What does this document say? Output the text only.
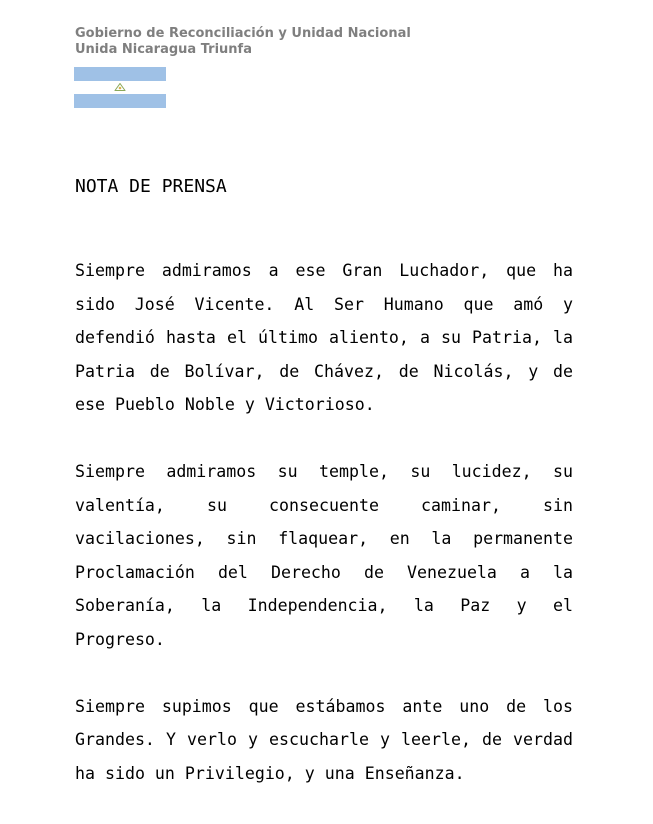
Gobierno de Reconciliación y Unidad Nacional
Unida Nicaragua Triunfa
NOTA DE PRENSA

Siempre admiramos a ese Gran Luchador, que ha sido José Vicente. Al Ser Humano que amó y defendió hasta el último aliento, a su Patria, la Patria de Bolívar, de Chávez, de Nicolás, y de ese Pueblo Noble y Victorioso.

Siempre admiramos su temple, su lucidez, su valentía, su consecuente caminar, sin vacilaciones, sin flaquear, en la permanente Proclamación del Derecho de Venezuela a la Soberanía, la Independencia, la Paz y el Progreso.

Siempre supimos que estábamos ante uno de los Grandes. Y verlo y escucharle y leerle, de verdad ha sido un Privilegio, y una Enseñanza.
